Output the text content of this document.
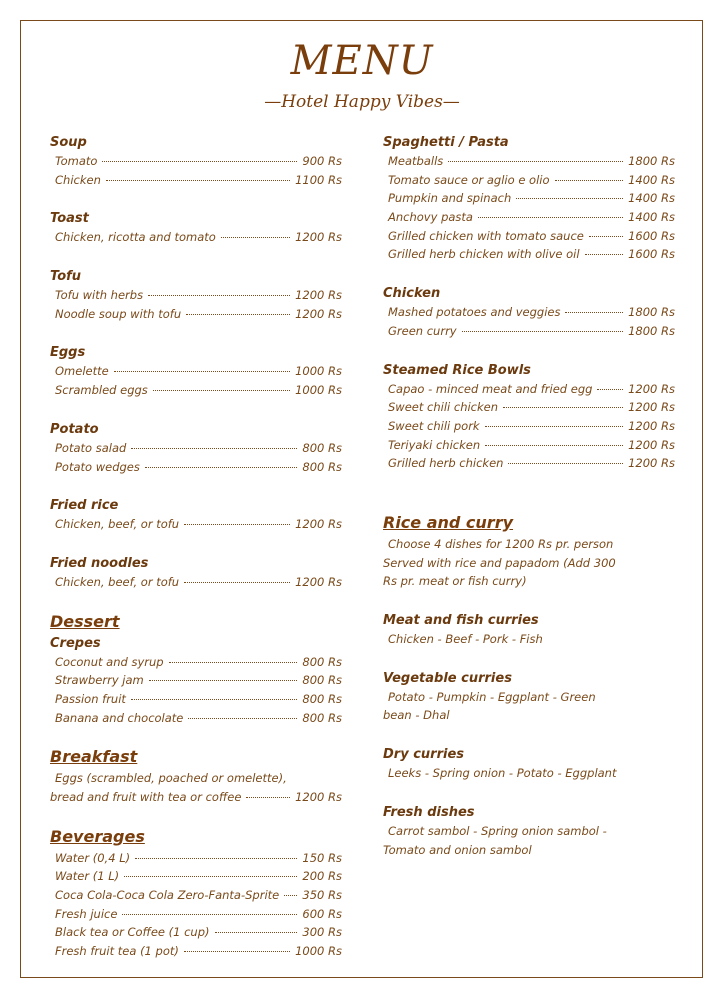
MENU
—Hotel Happy Vibes—
Soup
Tomato	900 Rs
Chicken	1100 Rs
Toast
Chicken, ricotta and tomato	1200 Rs
Tofu
Tofu with herbs	1200 Rs
Noodle soup with tofu	1200 Rs
Eggs
Omelette	1000 Rs
Scrambled eggs	1000 Rs
Potato
Potato salad	800 Rs
Potato wedges	800 Rs
Fried rice
Chicken, beef, or tofu	1200 Rs
Fried noodles
Chicken, beef, or tofu	1200 Rs
Dessert
Crepes
Coconut and syrup	800 Rs
Strawberry jam	800 Rs
Passion fruit	800 Rs
Banana and chocolate	800 Rs
Breakfast
Eggs (scrambled, poached or omelette),
bread and fruit with tea or coffee	1200 Rs
Beverages
Water (0,4 L)	150 Rs
Water (1 L)	200 Rs
Coca Cola-Coca Cola Zero-Fanta-Sprite 350 Rs
Fresh juice	600 Rs
Black tea or Coffee (1 cup)	300 Rs
Fresh fruit tea (1 pot)	1000 Rs
Spaghetti / Pasta
Meatballs	1800 Rs
Tomato sauce or aglio e olio	1400 Rs
Pumpkin and spinach	1400 Rs
Anchovy pasta	1400 Rs
Grilled chicken with tomato sauce	1600 Rs
Grilled herb chicken with olive oil	1600 Rs
Chicken
Mashed potatoes and veggies	1800 Rs
Green curry	1800 Rs
Steamed Rice Bowls
Capao - minced meat and fried egg	1200 Rs
Sweet chili chicken	1200 Rs
Sweet chili pork	1200 Rs
Teriyaki chicken	1200 Rs
Grilled herb chicken	1200 Rs
Rice and curry
Choose 4 dishes for 1200 Rs pr. person
Served with rice and papadom (Add 300
Rs pr. meat or fish curry)
Meat and fish curries
Chicken - Beef - Pork - Fish
Vegetable curries
Potato - Pumpkin - Eggplant - Green
bean - Dhal
Dry curries
Leeks - Spring onion - Potato - Eggplant
Fresh dishes
Carrot sambol - Spring onion sambol -
Tomato and onion sambol
